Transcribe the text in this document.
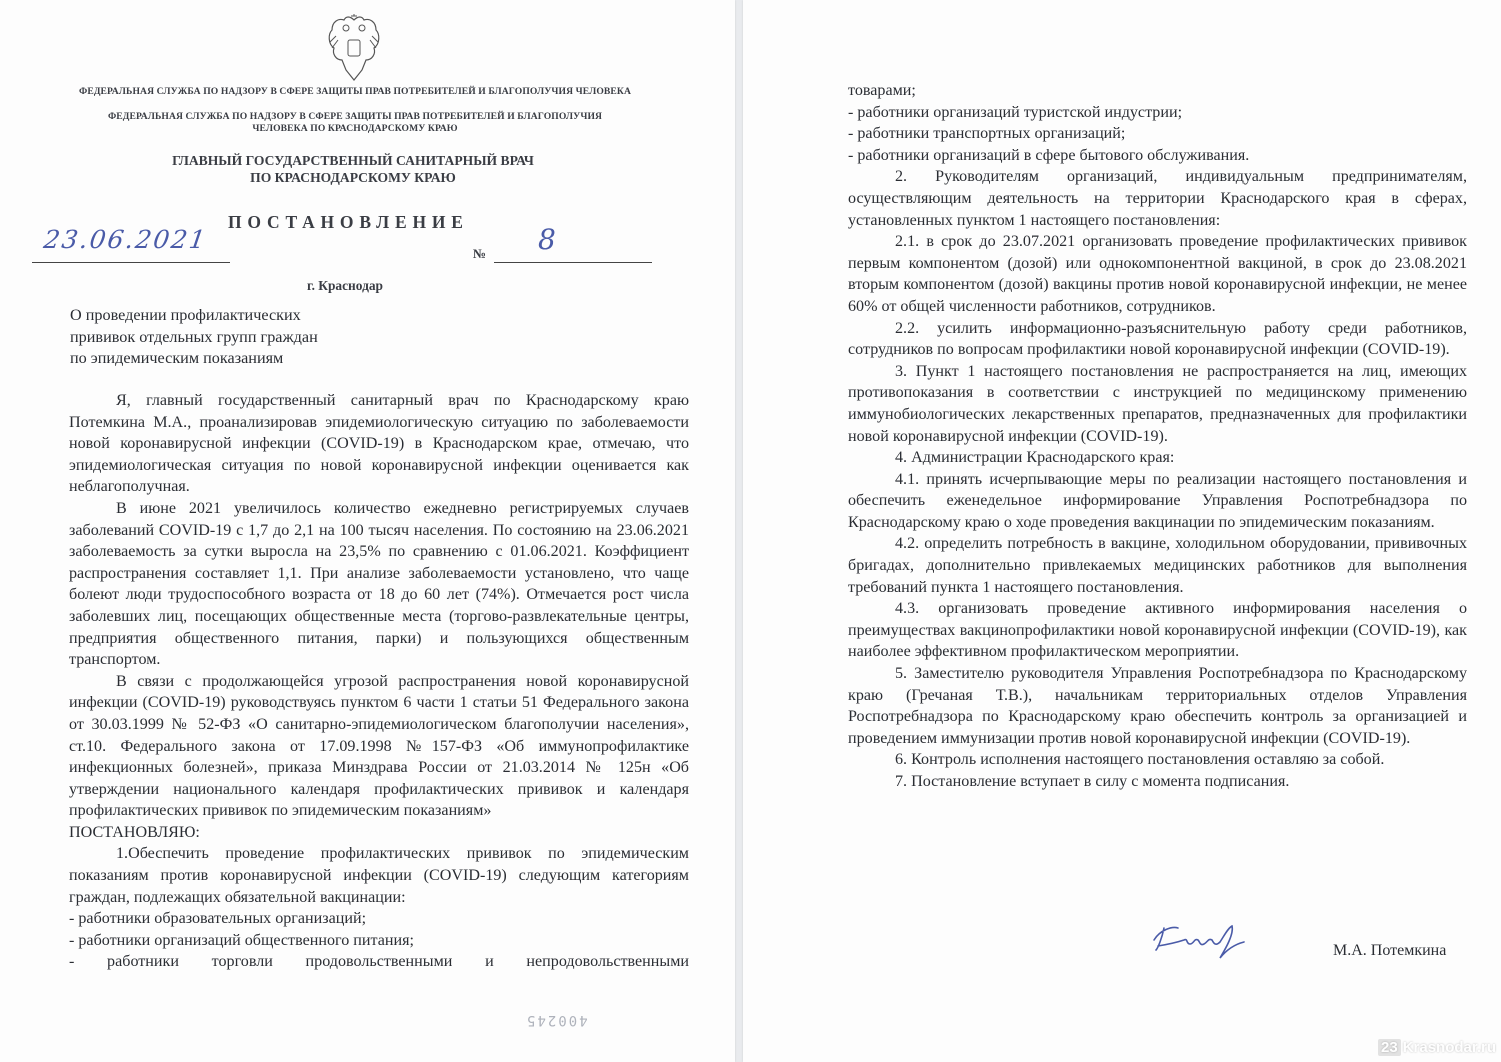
ФЕДЕРАЛЬНАЯ СЛУЖБА ПО НАДЗОРУ В СФЕРЕ ЗАЩИТЫ ПРАВ ПОТРЕБИТЕЛЕЙ И БЛАГОПОЛУЧИЯ ЧЕЛОВЕКА
ФЕДЕРАЛЬНАЯ СЛУЖБА ПО НАДЗОРУ В СФЕРЕ ЗАЩИТЫ ПРАВ ПОТРЕБИТЕЛЕЙ И БЛАГОПОЛУЧИЯ
ЧЕЛОВЕКА ПО КРАСНОДАРСКОМУ КРАЮ
ГЛАВНЫЙ ГОСУДАРСТВЕННЫЙ САНИТАРНЫЙ ВРАЧ
ПО КРАСНОДАРСКОМУ КРАЮ
ПОСТАНОВЛЕНИЕ
23.06.2021	№ 8
г. Краснодар
О проведении профилактических
прививок отдельных групп граждан
по эпидемическим показаниям

Я, главный государственный санитарный врач по Краснодарскому краю Потемкина М.А., проанализировав эпидемиологическую ситуацию по заболеваемости новой коронавирусной инфекции (COVID-19) в Краснодарском крае, отмечаю, что эпидемиологическая ситуация по новой коронавирусной инфекции оценивается как неблагополучная.

В июне 2021 увеличилось количество ежедневно регистрируемых случаев заболеваний COVID-19 с 1,7 до 2,1 на 100 тысяч населения. По состоянию на 23.06.2021 заболеваемость за сутки выросла на 23,5% по сравнению с 01.06.2021. Коэффициент распространения составляет 1,1. При анализе заболеваемости установлено, что чаще болеют люди трудоспособного возраста от 18 до 60 лет (74%). Отмечается рост числа заболевших лиц, посещающих общественные места (торгово-развлекательные центры, предприятия общественного питания, парки) и пользующихся общественным транспортом.

В связи с продолжающейся угрозой распространения новой коронавирусной инфекции (COVID-19) руководствуясь пунктом 6 части 1 статьи 51 Федерального закона от 30.03.1999 № 52-ФЗ «О санитарно-эпидемиологическом благополучии населения», ст.10. Федерального закона от 17.09.1998 №157-ФЗ «Об иммунопрофилактике инфекционных болезней», приказа Минздрава России от 21.03.2014 № 125н «Об утверждении национального календаря профилактических прививок и календаря профилактических прививок по эпидемическим показаниям»

ПОСТАНОВЛЯЮ:

1.Обеспечить проведение профилактических прививок по эпидемическим показаниям против коронавирусной инфекции (COVID-19) следующим категориям граждан, подлежащих обязательной вакцинации:

- работники образовательных организаций;

- работники организаций общественного питания;

- работники торговли продовольственными и непродовольственными

400245

товарами;

- работники организаций туристской индустрии;

- работники транспортных организаций;

- работники организаций в сфере бытового обслуживания.

2. Руководителям организаций, индивидуальным предпринимателям, осуществляющим деятельность на территории Краснодарского края в сферах, установленных пунктом 1 настоящего постановления:

2.1. в срок до 23.07.2021 организовать проведение профилактических прививок первым компонентом (дозой) или однокомпонентной вакциной, в срок до 23.08.2021 вторым компонентом (дозой) вакцины против новой коронавирусной инфекции, не менее 60% от общей численности работников, сотрудников.

2.2. усилить информационно-разъяснительную работу среди работников, сотрудников по вопросам профилактики новой коронавирусной инфекции (COVID-19).

3. Пункт 1 настоящего постановления не распространяется на лиц, имеющих противопоказания в соответствии с инструкцией по медицинскому применению иммунобиологических лекарственных препаратов, предназначенных для профилактики новой коронавирусной инфекции (COVID-19).

4. Администрации Краснодарского края:

4.1. принять исчерпывающие меры по реализации настоящего постановления и обеспечить еженедельное информирование Управления Роспотребнадзора по Краснодарскому краю о ходе проведения вакцинации по эпидемическим показаниям.

4.2. определить потребность в вакцине, холодильном оборудовании, прививочных бригадах, дополнительно привлекаемых медицинских работников для выполнения требований пункта 1 настоящего постановления.

4.3. организовать проведение активного информирования населения о преимуществах вакцинопрофилактики новой коронавирусной инфекции (COVID-19), как наиболее эффективном профилактическом мероприятии.

5. Заместителю руководителя Управления Роспотребнадзора по Краснодарскому краю (Гречаная Т.В.), начальникам территориальных отделов Управления Роспотребнадзора по Краснодарскому краю обеспечить контроль за организацией и проведением иммунизации против новой коронавирусной инфекции (COVID-19).

6. Контроль исполнения настоящего постановления оставляю за собой.

7. Постановление вступает в силу с момента подписания.

М.А. Потемкина
23 Krasnodar.ru
